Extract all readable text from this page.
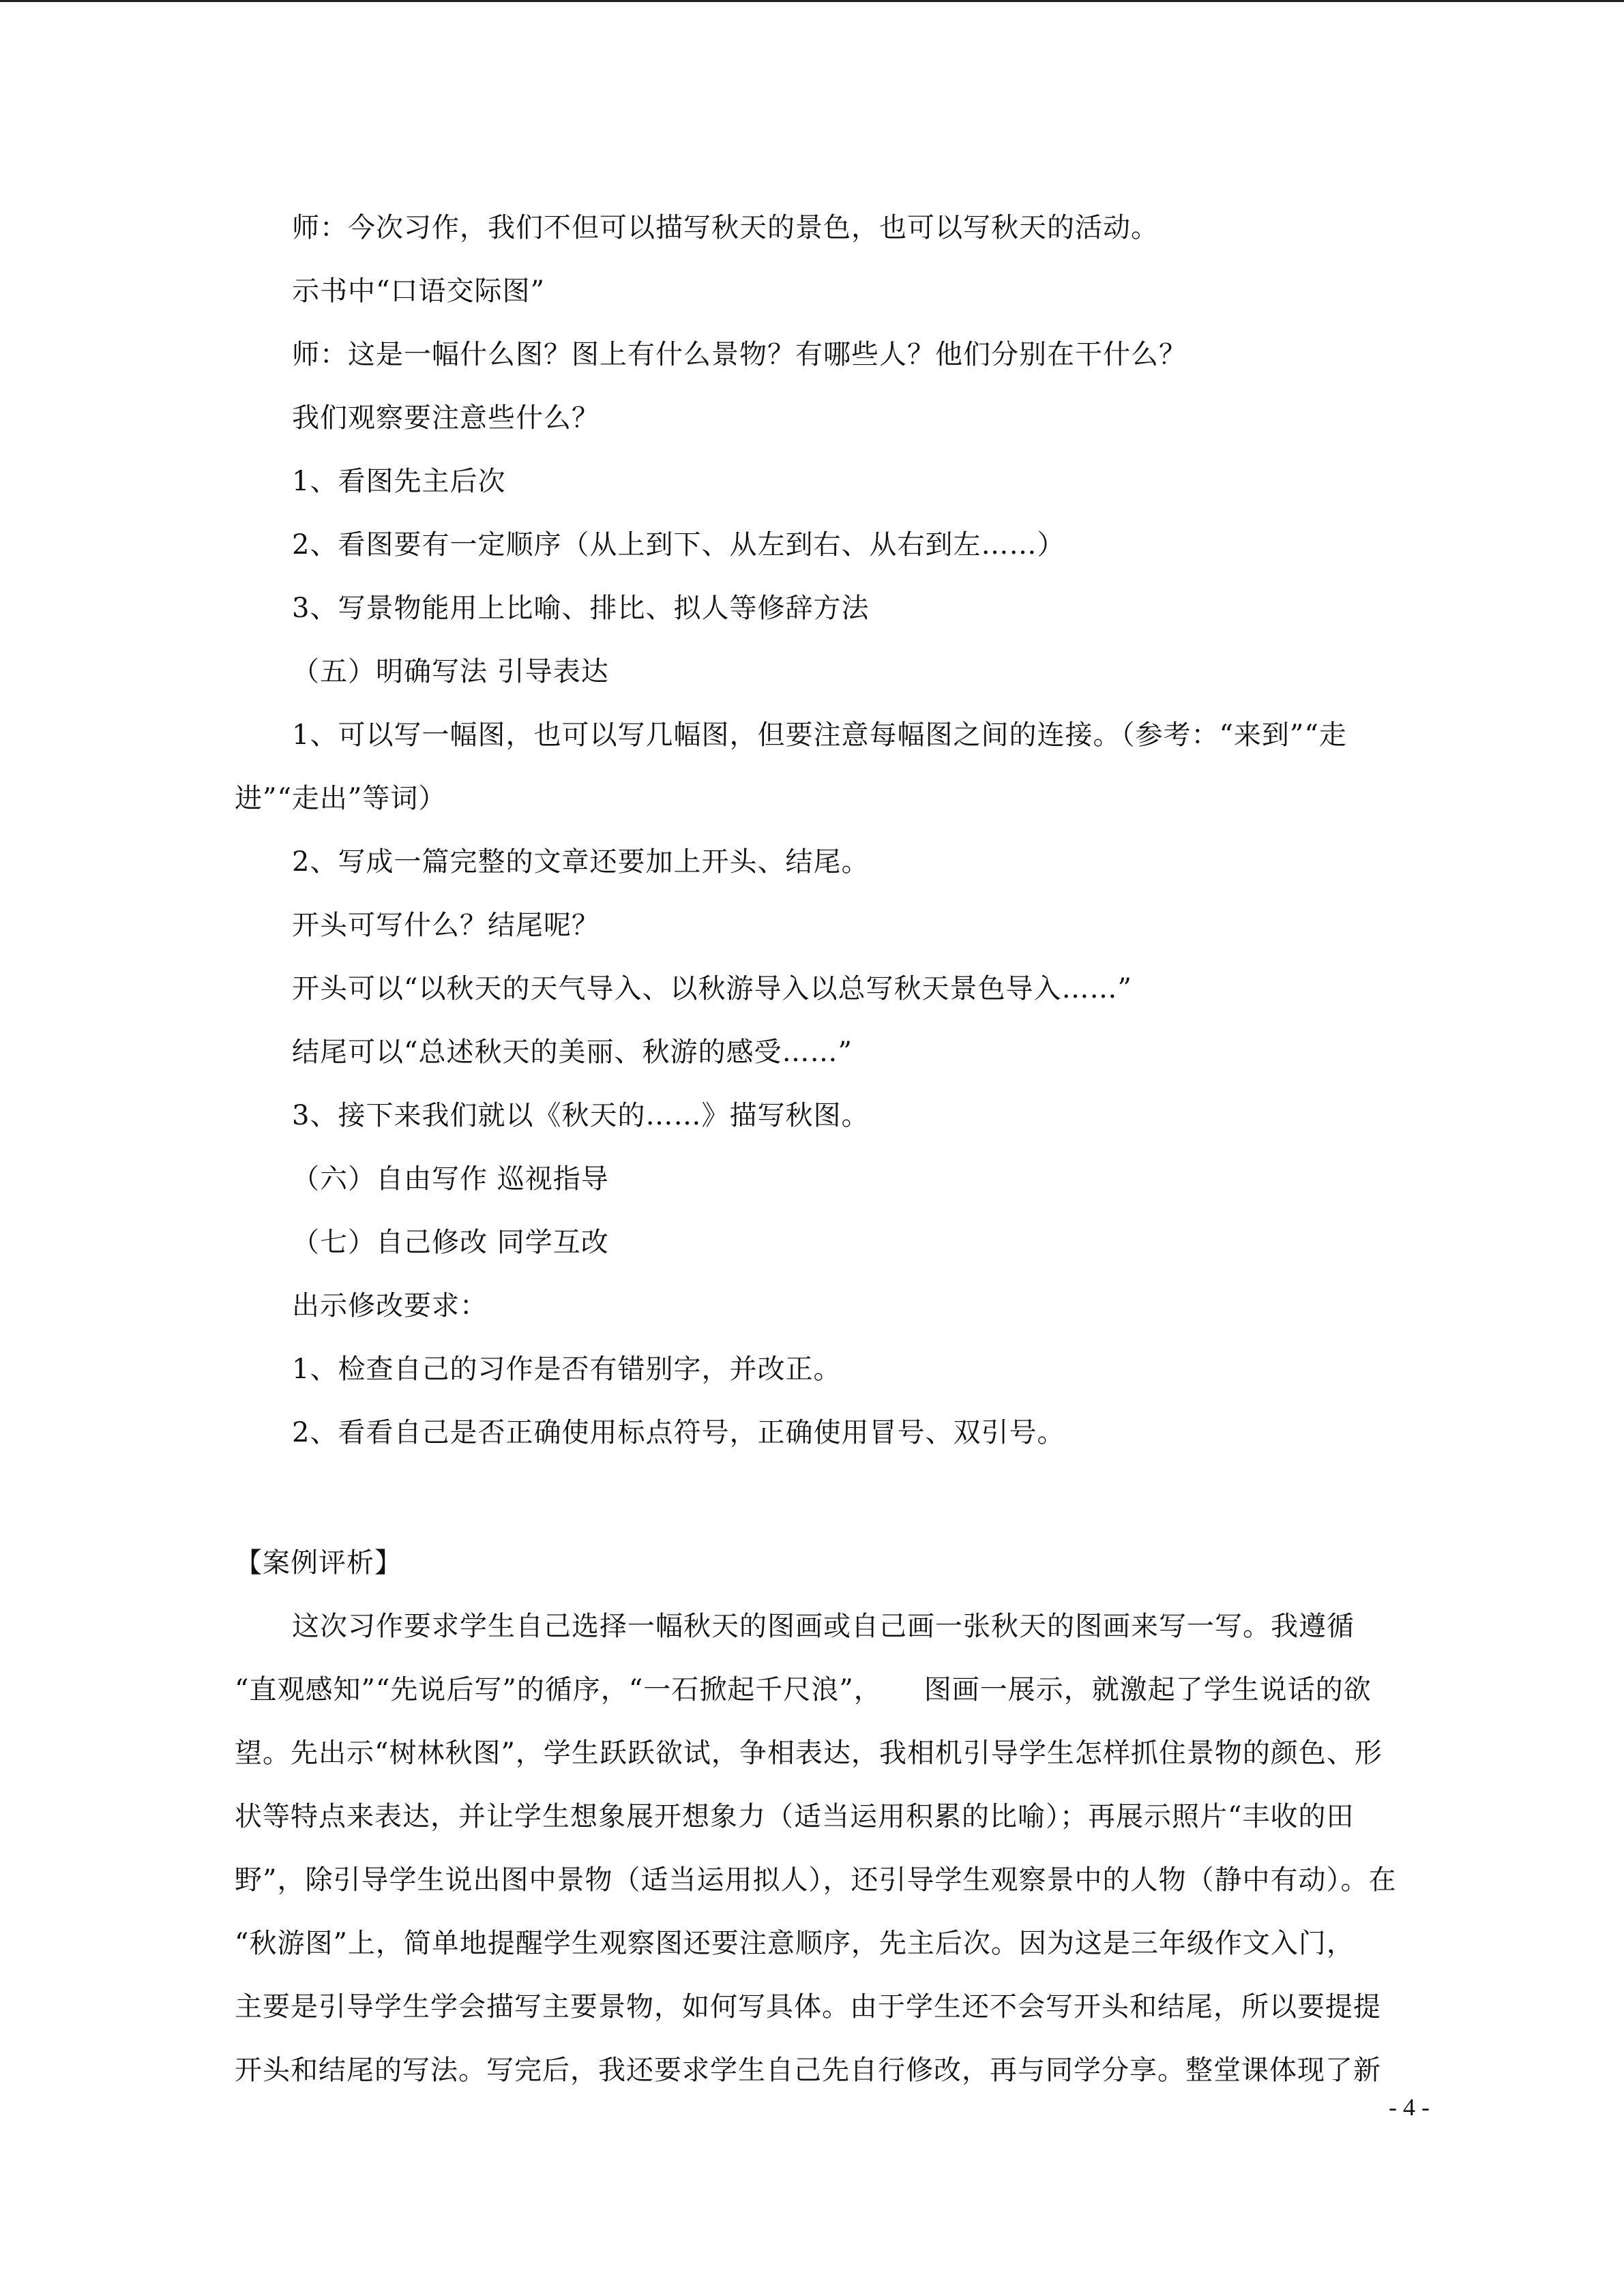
师：今次习作，我们不但可以描写秋天的景色，也可以写秋天的活动。
示书中“口语交际图”
师：这是一幅什么图？图上有什么景物？有哪些人？他们分别在干什么？
我们观察要注意些什么？
1、看图先主后次
2、看图要有一定顺序（从上到下、从左到右、从右到左……）
3、写景物能用上比喻、排比、拟人等修辞方法
（五）明确写法 引导表达
1、可以写一幅图，也可以写几幅图，但要注意每幅图之间的连接。（参考：“来到”“走
进”“走出”等词）
2、写成一篇完整的文章还要加上开头、结尾。
开头可写什么？结尾呢？
开头可以“以秋天的天气导入、以秋游导入以总写秋天景色导入……”
结尾可以“总述秋天的美丽、秋游的感受……”
3、接下来我们就以《秋天的……》描写秋图。
（六）自由写作 巡视指导
（七）自己修改 同学互改
出示修改要求：
1、检查自己的习作是否有错别字，并改正。
2、看看自己是否正确使用标点符号，正确使用冒号、双引号。
【案例评析】
这次习作要求学生自己选择一幅秋天的图画或自己画一张秋天的图画来写一写。我遵循
“直观感知”“先说后写”的循序，“一石掀起千尺浪”，　　图画一展示，就激起了学生说话的欲
望。先出示“树林秋图”，学生跃跃欲试，争相表达，我相机引导学生怎样抓住景物的颜色、形
状等特点来表达，并让学生想象展开想象力（适当运用积累的比喻）；再展示照片“丰收的田
野”，除引导学生说出图中景物（适当运用拟人），还引导学生观察景中的人物（静中有动）。在
“秋游图”上，简单地提醒学生观察图还要注意顺序，先主后次。因为这是三年级作文入门，
主要是引导学生学会描写主要景物，如何写具体。由于学生还不会写开头和结尾，所以要提提
开头和结尾的写法。写完后，我还要求学生自己先自行修改，再与同学分享。整堂课体现了新
- 4 -
